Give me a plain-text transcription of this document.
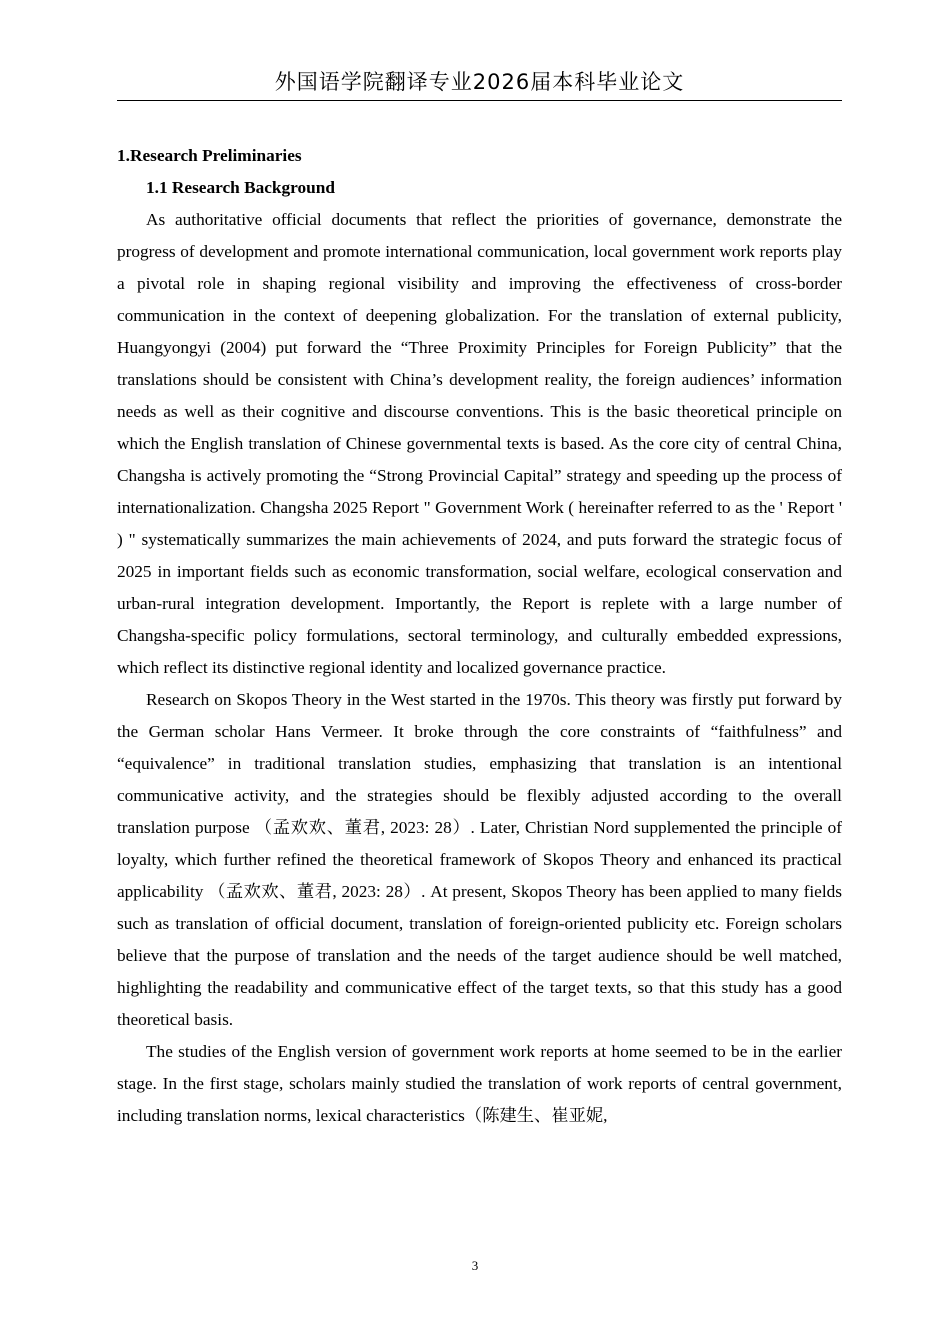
外国语学院翻译专业2026届本科毕业论文

1.Research Preliminaries

1.1 Research Background

As authoritative official documents that reflect the priorities of governance, demonstrate the progress of development and promote international communication, local government work reports play a pivotal role in shaping regional visibility and improving the effectiveness of cross-border communication in the context of deepening globalization. For the translation of external publicity, Huangyongyi (2004) put forward the “Three Proximity Principles for Foreign Publicity” that the translations should be consistent with China’s development reality, the foreign audiences’ information needs as well as their cognitive and discourse conventions. This is the basic theoretical principle on which the English translation of Chinese governmental texts is based. As the core city of central China, Changsha is actively promoting the “Strong Provincial Capital” strategy and speeding up the process of internationalization. Changsha 2025 Report " Government Work ( hereinafter referred to as the ' Report ' ) " systematically summarizes the main achievements of 2024, and puts forward the strategic focus of 2025 in important fields such as economic transformation, social welfare, ecological conservation and urban-rural integration development. Importantly, the Report is replete with a large number of Changsha-specific policy formulations, sectoral terminology, and culturally embedded expressions, which reflect its distinctive regional identity and localized governance practice.

Research on Skopos Theory in the West started in the 1970s. This theory was firstly put forward by the German scholar Hans Vermeer. It broke through the core constraints of “faithfulness” and “equivalence” in traditional translation studies, emphasizing that translation is an intentional communicative activity, and the strategies should be flexibly adjusted according to the overall translation purpose （孟欢欢、董君, 2023: 28）. Later, Christian Nord supplemented the principle of loyalty, which further refined the theoretical framework of Skopos Theory and enhanced its practical applicability （孟欢欢、董君, 2023: 28）. At present, Skopos Theory has been applied to many fields such as translation of official document, translation of foreign-oriented publicity etc. Foreign scholars believe that the purpose of translation and the needs of the target audience should be well matched, highlighting the readability and communicative effect of the target texts, so that this study has a good theoretical basis.

The studies of the English version of government work reports at home seemed to be in the earlier stage. In the first stage, scholars mainly studied the translation of work reports of central government, including translation norms, lexical characteristics（陈建生、崔亚妮,

3
